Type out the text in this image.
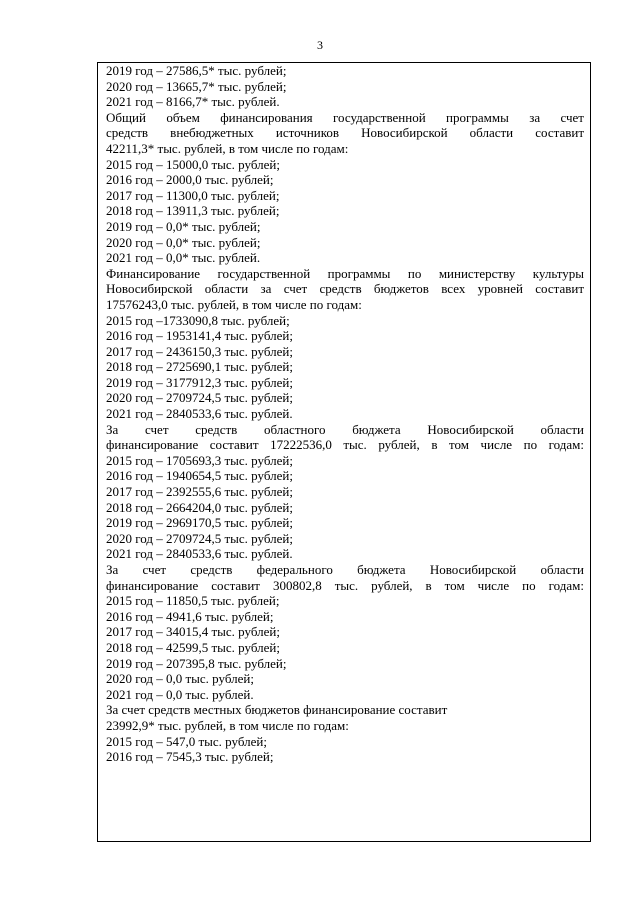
3
2019 год – 27586,5* тыс. рублей;
2020 год – 13665,7* тыс. рублей;
2021 год – 8166,7* тыс. рублей.
Общий объем финансирования государственной программы за счет
средств внебюджетных источников Новосибирской области составит
42211,3* тыс. рублей, в том числе по годам:
2015 год – 15000,0 тыс. рублей;
2016 год – 2000,0 тыс. рублей;
2017 год – 11300,0 тыс. рублей;
2018 год – 13911,3 тыс. рублей;
2019 год – 0,0* тыс. рублей;
2020 год – 0,0* тыс. рублей;
2021 год – 0,0* тыс. рублей.
Финансирование государственной программы по министерству культуры
Новосибирской области за счет средств бюджетов всех уровней составит
17576243,0 тыс. рублей, в том числе по годам:
2015 год –1733090,8 тыс. рублей;
2016 год – 1953141,4 тыс. рублей;
2017 год – 2436150,3 тыс. рублей;
2018 год – 2725690,1 тыс. рублей;
2019 год – 3177912,3 тыс. рублей;
2020 год – 2709724,5 тыс. рублей;
2021 год – 2840533,6 тыс. рублей.
За счет средств областного бюджета Новосибирской области
финансирование составит 17222536,0 тыс. рублей, в том числе по годам:
2015 год – 1705693,3 тыс. рублей;
2016 год – 1940654,5 тыс. рублей;
2017 год – 2392555,6 тыс. рублей;
2018 год – 2664204,0 тыс. рублей;
2019 год – 2969170,5 тыс. рублей;
2020 год – 2709724,5 тыс. рублей;
2021 год – 2840533,6 тыс. рублей.
За счет средств федерального бюджета Новосибирской области
финансирование составит 300802,8 тыс. рублей, в том числе по годам:
2015 год – 11850,5 тыс. рублей;
2016 год – 4941,6 тыс. рублей;
2017 год – 34015,4 тыс. рублей;
2018 год – 42599,5 тыс. рублей;
2019 год – 207395,8 тыс. рублей;
2020 год – 0,0 тыс. рублей;
2021 год – 0,0 тыс. рублей.
За счет средств местных бюджетов финансирование составит
23992,9* тыс. рублей, в том числе по годам:
2015 год – 547,0 тыс. рублей;
2016 год – 7545,3 тыс. рублей;
